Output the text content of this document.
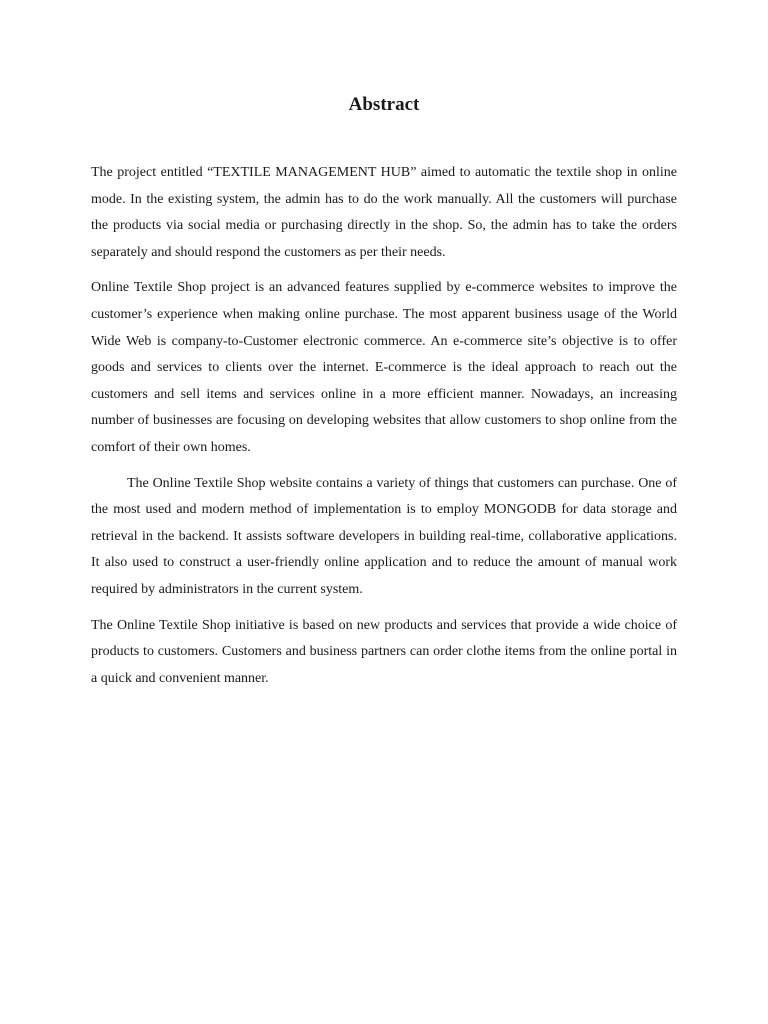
Abstract

The project entitled “TEXTILE MANAGEMENT HUB” aimed to automatic the textile shop in online mode. In the existing system, the admin has to do the work manually. All the customers will purchase the products via social media or purchasing directly in the shop. So, the admin has to take the orders separately and should respond the customers as per their needs.

Online Textile Shop project is an advanced features supplied by e-commerce websites to improve the customer’s experience when making online purchase. The most apparent business usage of the World Wide Web is company-to-Customer electronic commerce. An e-commerce site’s objective is to offer goods and services to clients over the internet. E-commerce is the ideal approach to reach out the customers and sell items and services online in a more efficient manner. Nowadays, an increasing number of businesses are focusing on developing websites that allow customers to shop online from the comfort of their own homes.

The Online Textile Shop website contains a variety of things that customers can purchase. One of the most used and modern method of implementation is to employ MONGODB for data storage and retrieval in the backend. It assists software developers in building real-time, collaborative applications. It also used to construct a user-friendly online application and to reduce the amount of manual work required by administrators in the current system.

The Online Textile Shop initiative is based on new products and services that provide a wide choice of products to customers. Customers and business partners can order clothe items from the online portal in a quick and convenient manner.
